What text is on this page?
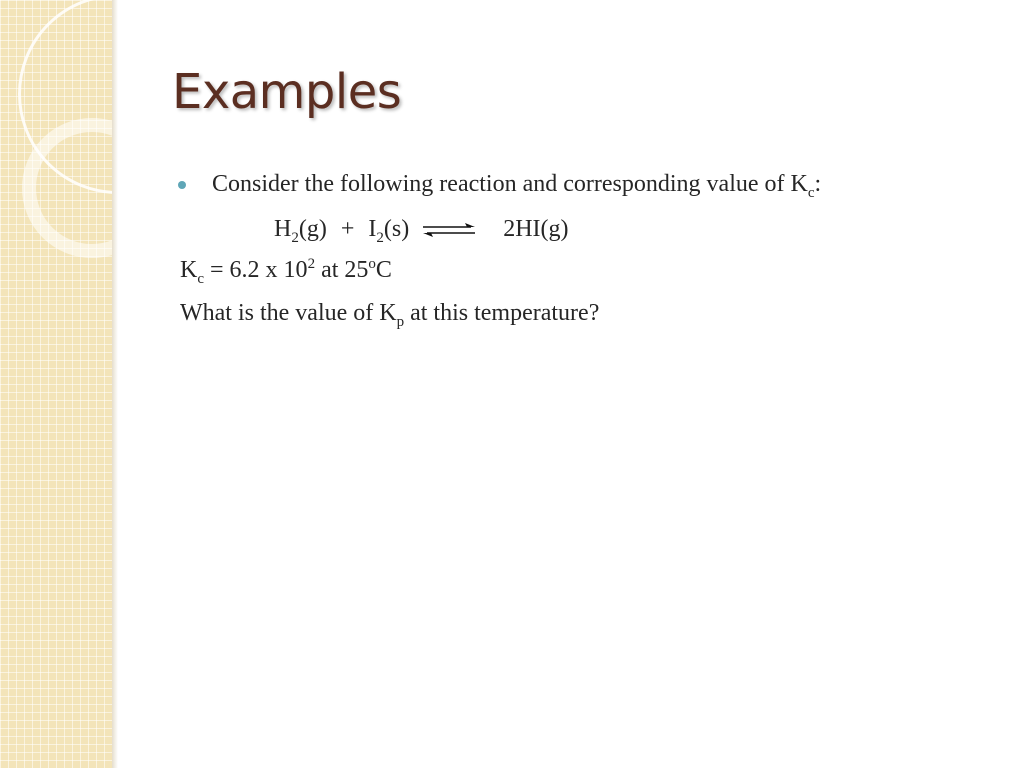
Examples
Consider the following reaction and corresponding value of $K_c$:
$H_2(g) + I_2(s)$ ⇌ 2HI(g)
$K_c = 6.2$ x $10^2$ at 25$^o$C
What is the value of $K_p$ at this temperature?
